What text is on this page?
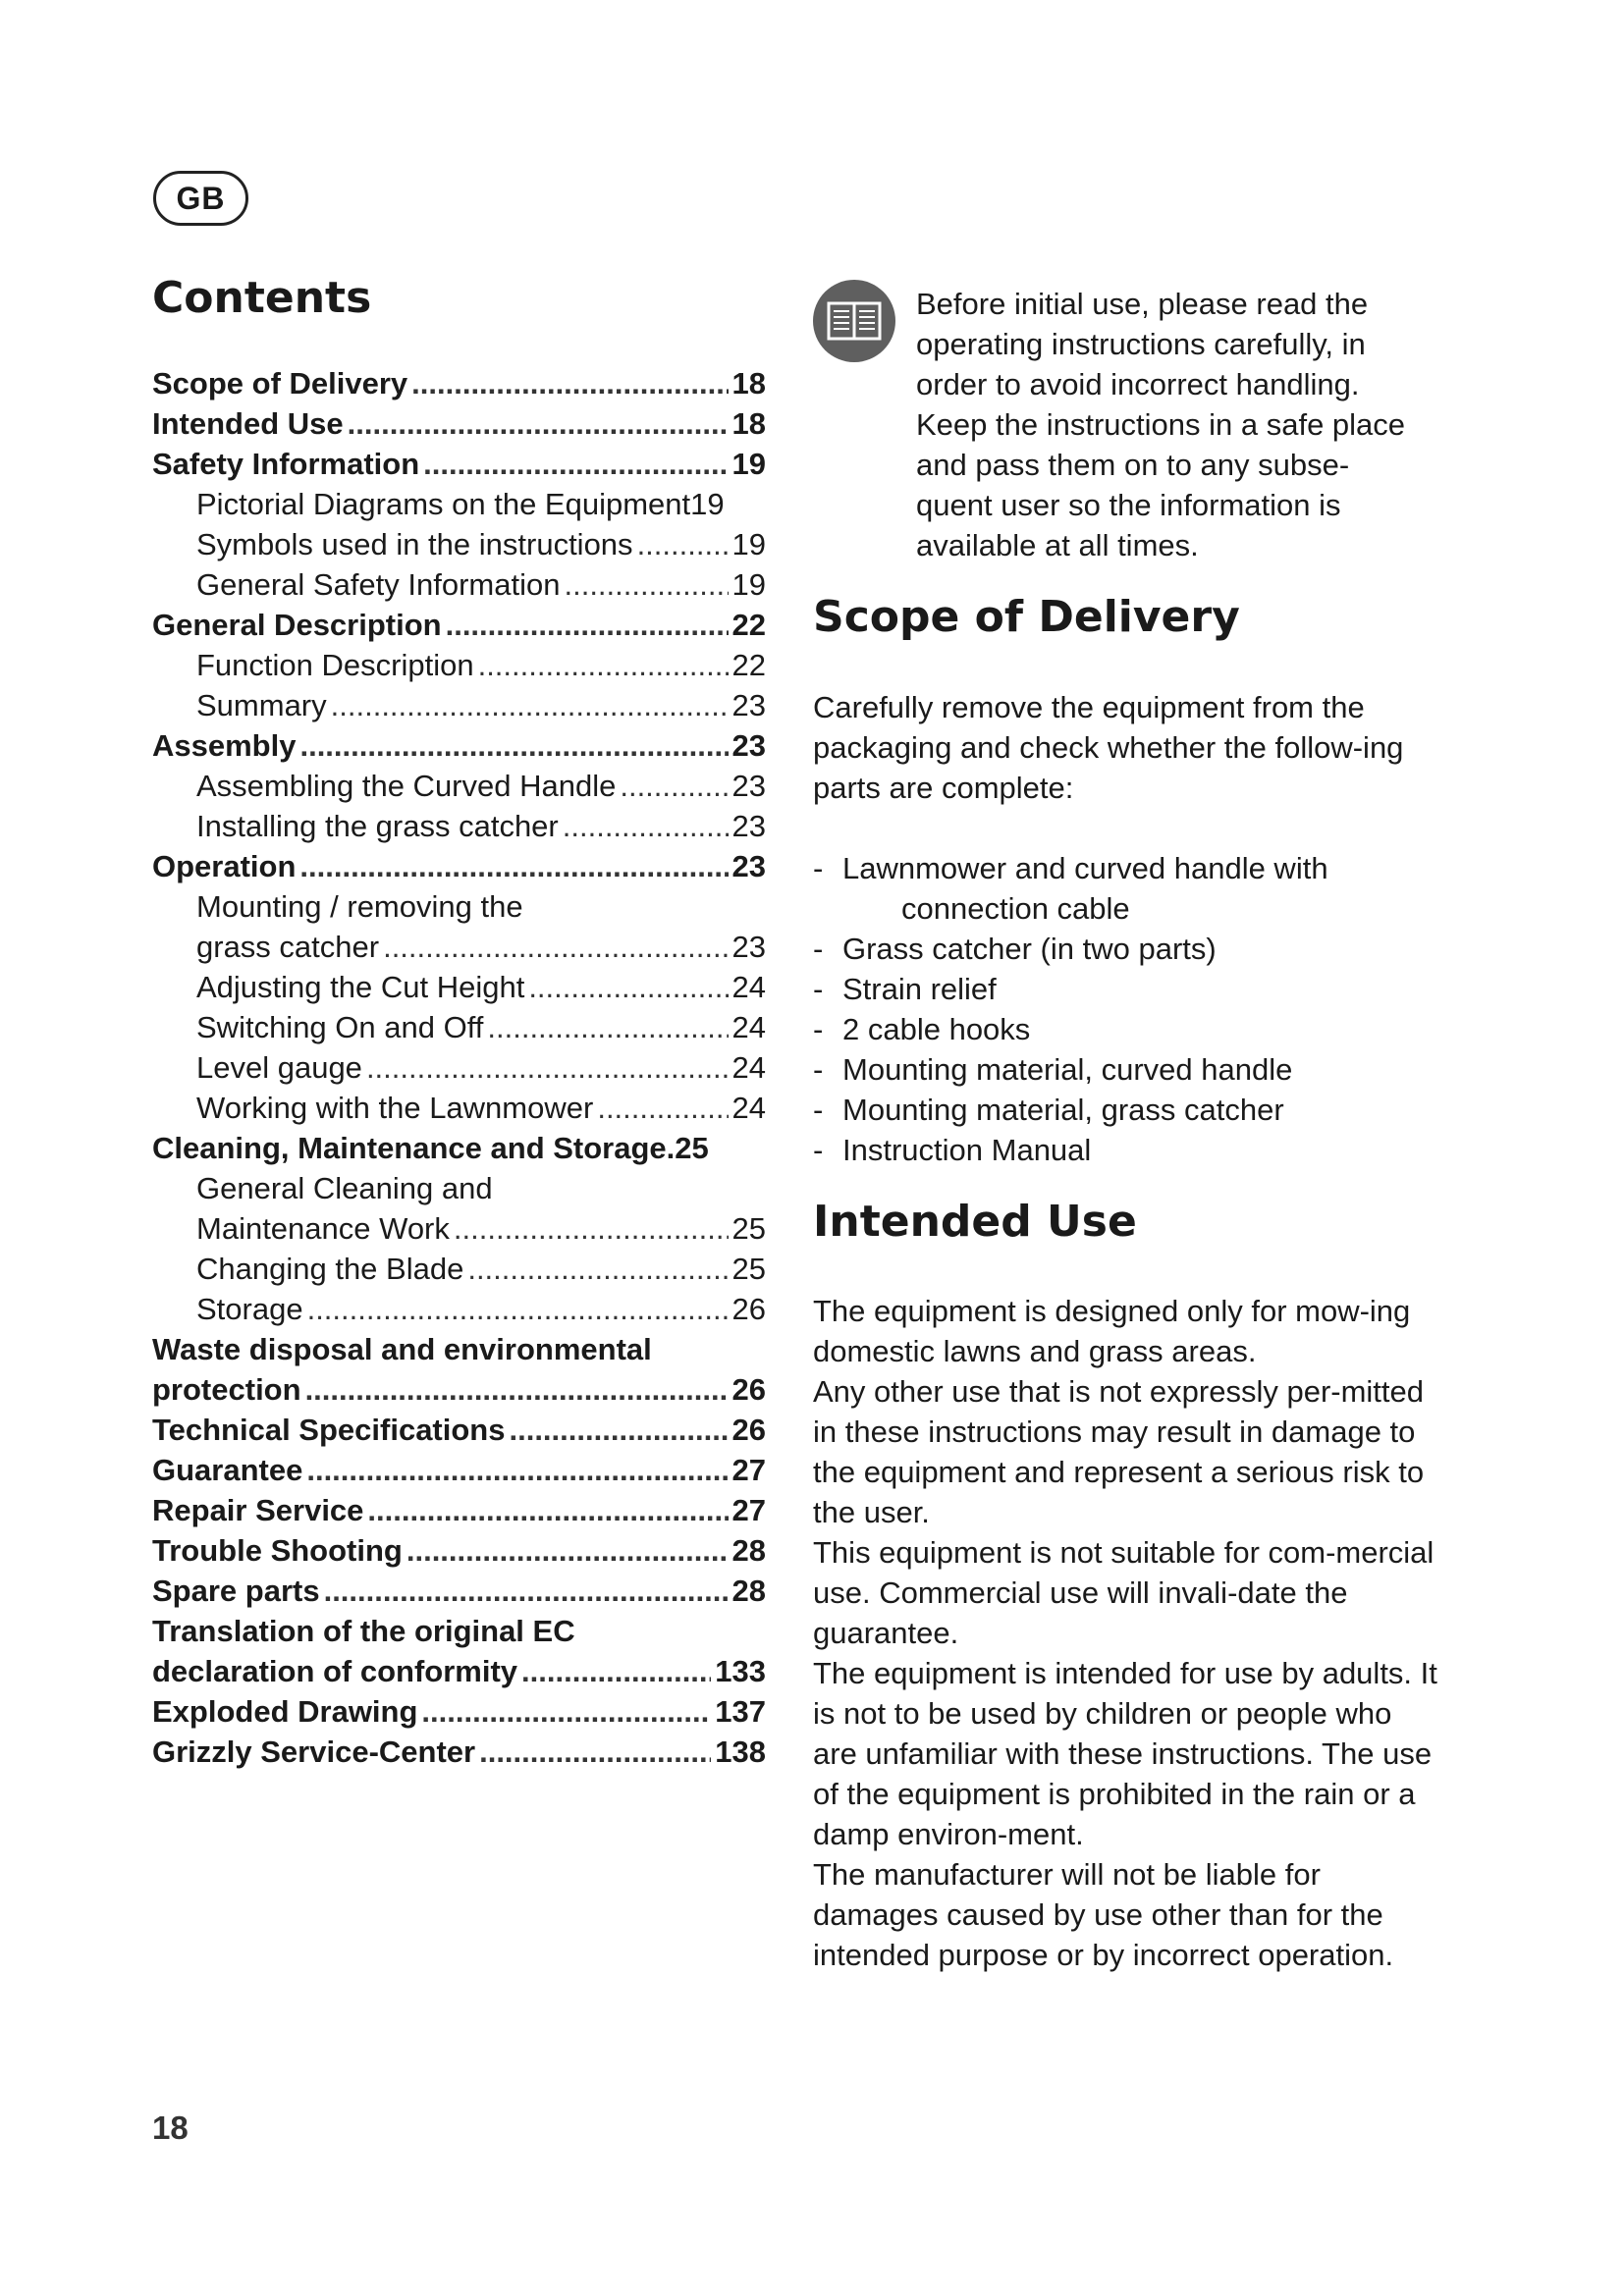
GB
Contents
Scope of Delivery .....	18
Intended Use .....	18
Safety Information .....	19
Pictorial Diagrams on the Equipment 19
Symbols used in the instructions .....	19
General Safety Information .....	19
General Description .....	22
Function Description .....	22
Summary .....	23
Assembly .....	23
Assembling the Curved Handle .....	23
Installing the grass catcher .....	23
Operation .....	23
Mounting / removing the
grass catcher .....	23
Adjusting the Cut Height .....	24
Switching On and Off .....	24
Level gauge .....	24
Working with the Lawnmower .....	24
Cleaning, Maintenance and Storage. 25
General Cleaning and
Maintenance Work .....	25
Changing the Blade .....	25
Storage .....	26
Waste disposal and environmental
protection .....	26
Technical Specifications .....	26
Guarantee .....	27
Repair Service .....	27
Trouble Shooting .....	28
Spare parts .....	28
Translation of the original EC
declaration of conformity .....	133
Exploded Drawing .....	137
Grizzly Service-Center .....	138

Before initial use, please read the

operating instructions carefully, in

order to avoid incorrect handling.

Keep the instructions in a safe place

and pass them on to any subse-

quent user so the information is

available at all times.

Scope of Delivery

Carefully remove the equipment from the packaging and check whether the follow-ing parts are complete:

- Lawnmower and curved handle with
connection cable
- Grass catcher (in two parts)
- Strain relief
- 2 cable hooks
- Mounting material, curved handle
- Mounting material, grass catcher
- Instruction Manual
Intended Use

The equipment is designed only for mow-ing domestic lawns and grass areas.

Any other use that is not expressly per-mitted in these instructions may result in damage to the equipment and represent a serious risk to the user.

This equipment is not suitable for com-mercial use. Commercial use will invali-date the guarantee.

The equipment is intended for use by adults. It is not to be used by children or people who are unfamiliar with these instructions. The use of the equipment is prohibited in the rain or a damp environ-ment.

The manufacturer will not be liable for damages caused by use other than for the intended purpose or by incorrect operation.

18
